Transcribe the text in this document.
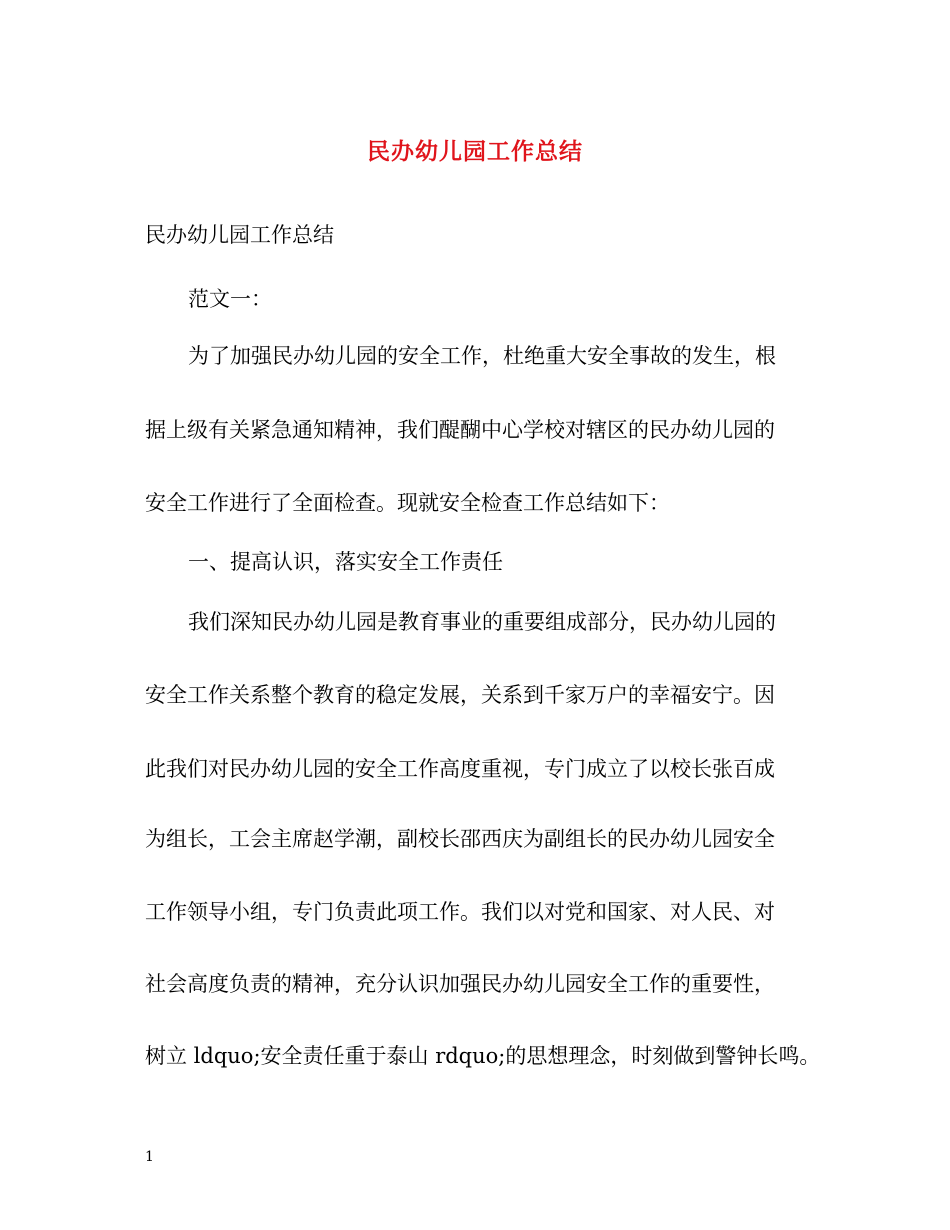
民办幼儿园工作总结
民办幼儿园工作总结
范文一：
为了加强民办幼儿园的安全工作，杜绝重大安全事故的发生，根
据上级有关紧急通知精神，我们醍醐中心学校对辖区的民办幼儿园的
安全工作进行了全面检查。现就安全检查工作总结如下：
一、提高认识，落实安全工作责任
我们深知民办幼儿园是教育事业的重要组成部分，民办幼儿园的
安全工作关系整个教育的稳定发展，关系到千家万户的幸福安宁。因
此我们对民办幼儿园的安全工作高度重视，专门成立了以校长张百成
为组长，工会主席赵学潮，副校长邵西庆为副组长的民办幼儿园安全
工作领导小组，专门负责此项工作。我们以对党和国家、对人民、对
社会高度负责的精神，充分认识加强民办幼儿园安全工作的重要性，
树立 ldquo;安全责任重于泰山 rdquo;的思想理念，时刻做到警钟长鸣。
1
